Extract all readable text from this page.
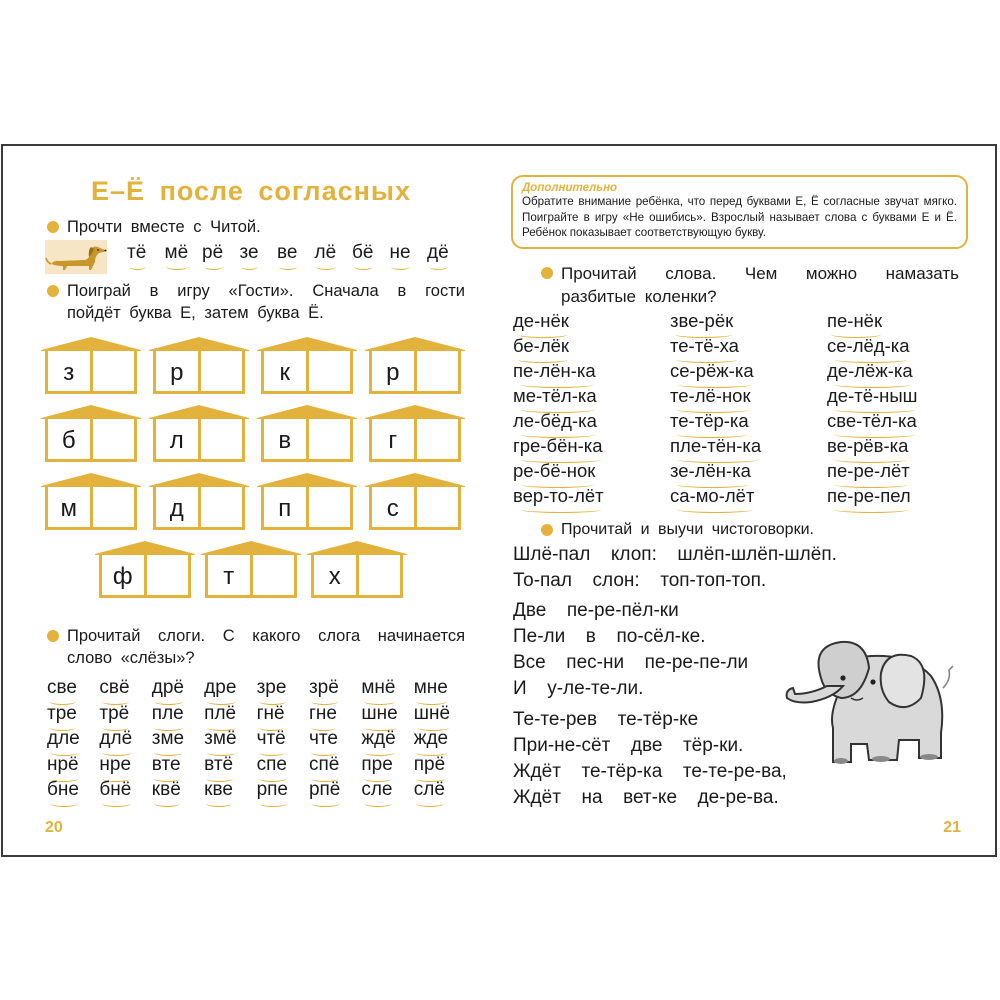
Е–Ё после согласных

Прочти вместе с Читой.

тё мё рё зе ве лё бё не дё

Поиграй в игру «Гости». Сначала в гости пойдёт буква Е, затем буква Ё.

з	р	к	р
б	л	в	г
м	д	п	с
ф	т	х

Прочитай слоги. С какого слога начинается слово «слёзы»?

све	свё	дрё	дре	зре	зрё	мнё мне
тре	трё	пле	плё	гнё	гне	шне шнё
дле	длё	зме	змё	чтё	чте	ждё жде
нрё	нре	вте	втё	спе	спё	пре	прё
бне	бнё	квё	кве	рпе	рпё	сле	слё
20
Дополнительно

Обратите внимание ребёнка, что перед буквами Е, Ё согласные звучат мягко. Поиграйте в игру «Не ошибись». Взрослый называет слова с буквами Е и Ё. Ребёнок показывает соответствующую букву.

Прочитай слова. Чем можно намазать разбитые коленки?

де-нёк	зве-рёк	пе-нёк
бе-лёк	те-тё-ха	се-лёд-ка
пе-лён-ка	се-рёж-ка	де-лёж-ка
ме-тёл-ка	те-лё-нок	де-тё-ныш
ле-бёд-ка	те-тёр-ка	све-тёл-ка
гре-бён-ка	пле-тён-ка	ве-рёв-ка
ре-бё-нок	зе-лён-ка	пе-ре-лёт
вер-то-лёт	са-мо-лёт	пе-ре-пел

Прочитай и выучи чистоговорки.

Шлё-пал  клоп:  шлёп-шлёп-шлёп.
То-пал  слон:  топ-топ-топ.
Две  пе-ре-пёл-ки
Пе-ли  в  по-сёл-ке.
Все  пес-ни  пе-ре-пе-ли
И  у-ле-те-ли.
Те-те-рев  те-тёр-ке
При-не-сёт  две  тёр-ки.
Ждёт  те-тёр-ка  те-те-ре-ва,
Ждёт  на  вет-ке  де-ре-ва.
21
